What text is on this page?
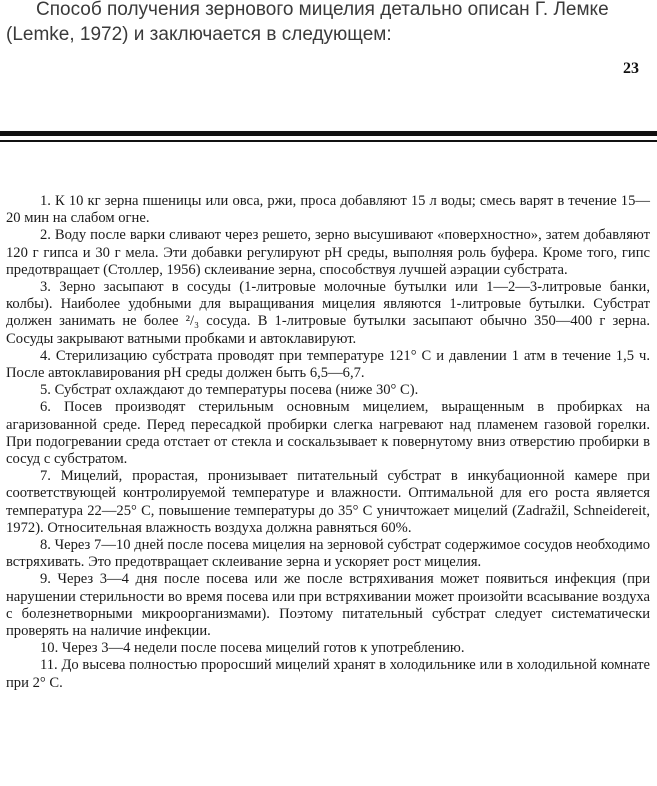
Способ получения зернового мицелия детально описан Г. Лемке (Lemke, 1972) и заключается в следующем:

23
1. К 10 кг зерна пшеницы или овса, ржи, проса добавляют 15 л воды; смесь варят в течение 15—20 мин на слабом огне.
2. Воду после варки сливают через решето, зерно высушивают «поверхностно», затем добавляют 120 г гипса и 30 г мела. Эти добавки регулируют рН среды, выполняя роль буфера. Кроме того, гипс предотвращает (Столлер, 1956) склеивание зерна, способствуя лучшей аэрации субстрата.
3. Зерно засыпают в сосуды (1-литровые молочные бутылки или 1—2—3-литровые банки, колбы). Наиболее удобными для выращивания мицелия являются 1-литровые бутылки. Субстрат должен занимать не более ²/₃ сосуда. В 1-литровые бутылки засыпают обычно 350—400 г зерна. Сосуды закрывают ватными пробками и автоклавируют.
4. Стерилизацию субстрата проводят при температуре 121° С и давлении 1 атм в течение 1,5 ч. После автоклавирования рН среды должен быть 6,5—6,7.
5. Субстрат охлаждают до температуры посева (ниже 30° С).
6. Посев производят стерильным основным мицелием, выращенным в пробирках на агаризованной среде. Перед пересадкой пробирки слегка нагревают над пламенем газовой горелки. При подогревании среда отстает от стекла и соскальзывает к повернутому вниз отверстию пробирки в сосуд с субстратом.
7. Мицелий, прорастая, пронизывает питательный субстрат в инкубационной камере при соответствующей контролируемой температуре и влажности. Оптимальной для его роста является температура 22—25° С, повышение температуры до 35° С уничтожает мицелий (Zadražil, Schneidereit, 1972). Относительная влажность воздуха должна равняться 60%.
8. Через 7—10 дней после посева мицелия на зерновой субстрат содержимое сосудов необходимо встряхивать. Это предотвращает склеивание зерна и ускоряет рост мицелия.
9. Через 3—4 дня после посева или же после встряхивания может появиться инфекция (при нарушении стерильности во время посева или при встряхивании может произойти всасывание воздуха с болезнетворными микроорганизмами). Поэтому питательный субстрат следует систематически проверять на наличие инфекции.
10. Через 3—4 недели после посева мицелий готов к употреблению.
11. До высева полностью проросший мицелий хранят в холодильнике или в холодильной комнате при 2° С.
